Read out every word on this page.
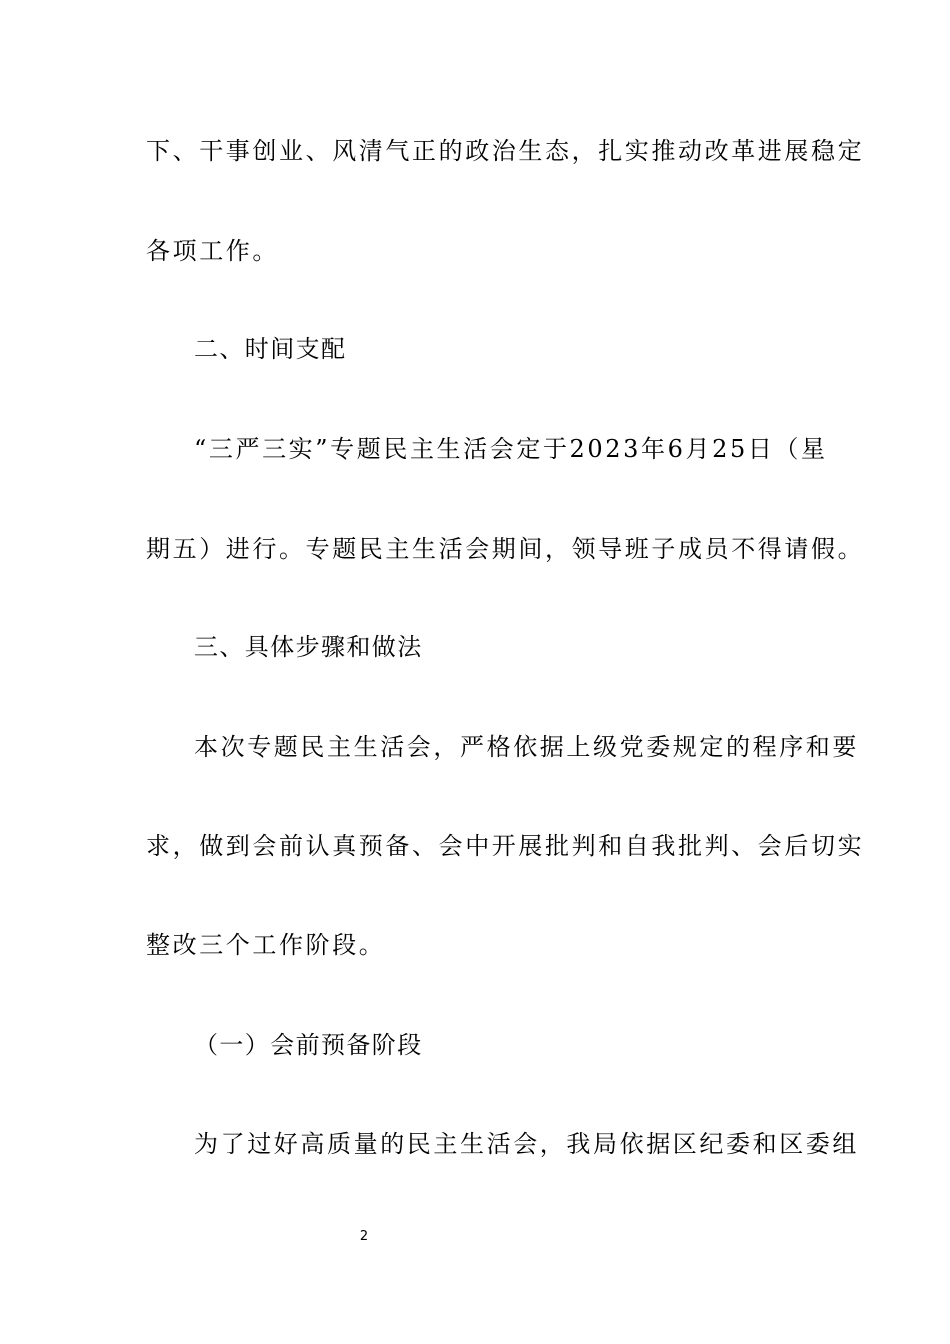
下、干事创业、风清气正的政治生态，扎实推动改革进展稳定
各项工作。
二、时间支配
“三严三实”专题民主生活会定于2023年6月25日（星
期五）进行。专题民主生活会期间，领导班子成员不得请假。
三、具体步骤和做法
本次专题民主生活会，严格依据上级党委规定的程序和要
求，做到会前认真预备、会中开展批判和自我批判、会后切实
整改三个工作阶段。
（一）会前预备阶段
为了过好高质量的民主生活会，我局依据区纪委和区委组
2
